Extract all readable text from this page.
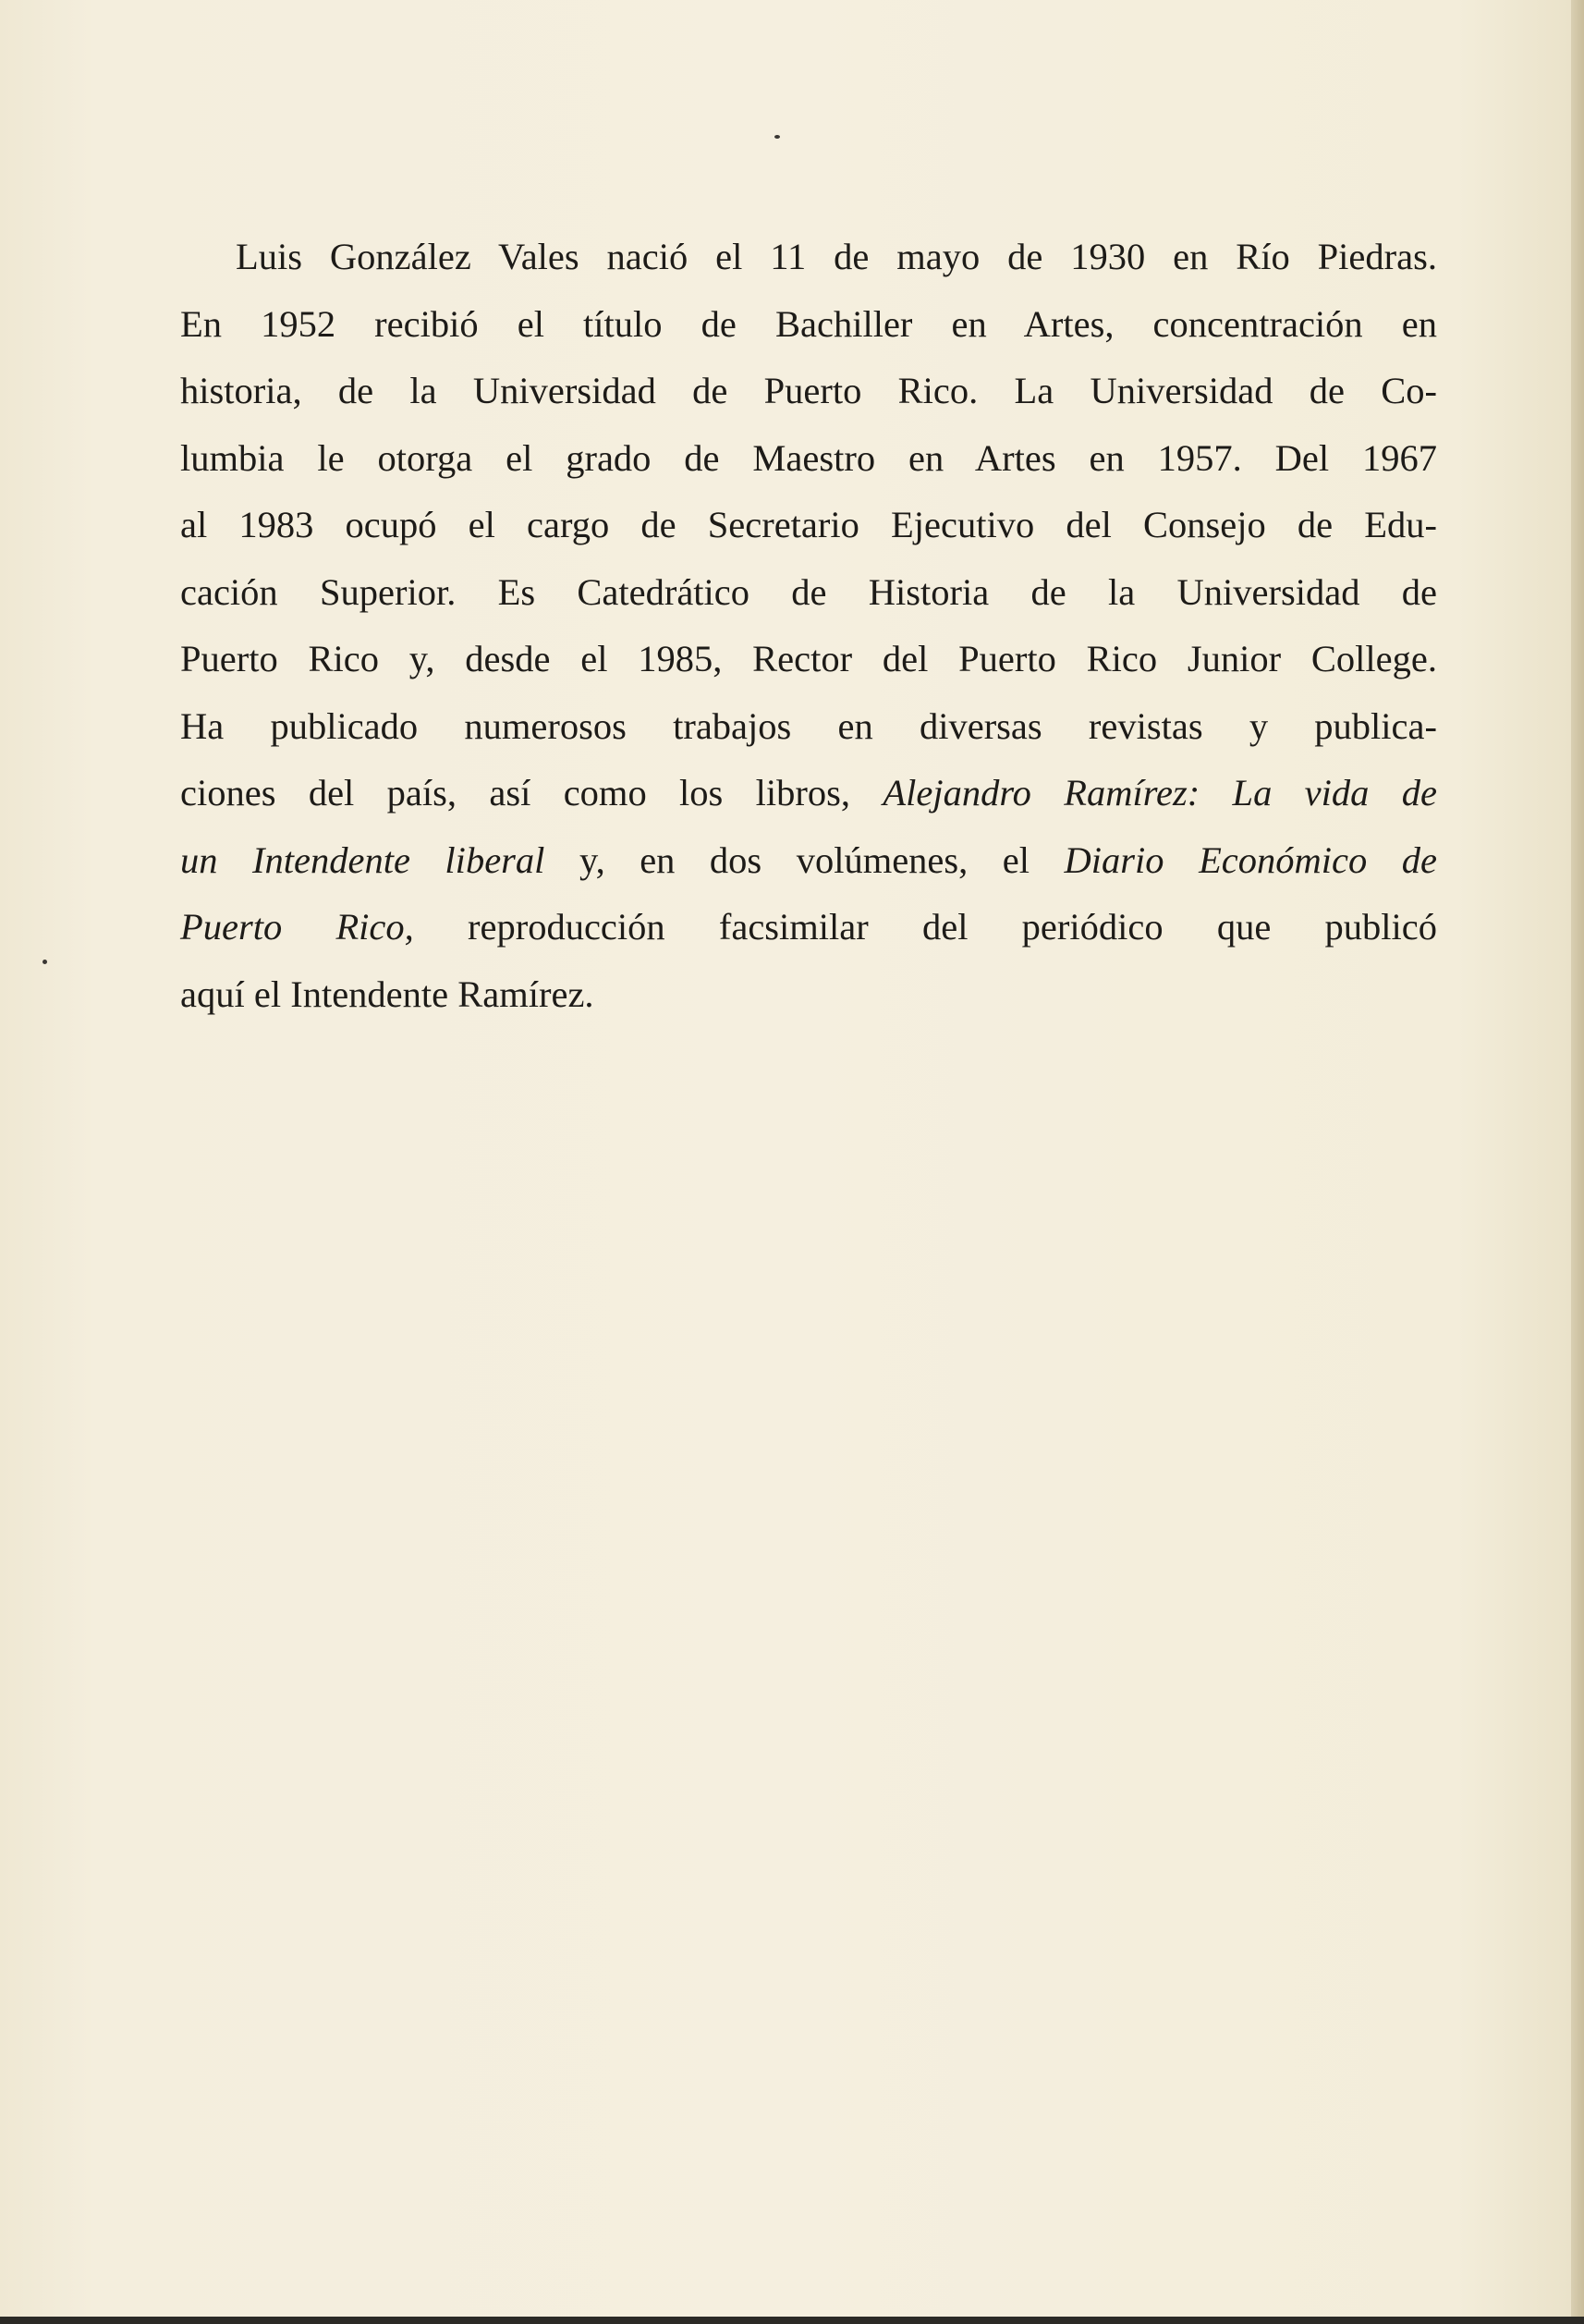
Luis González Vales nació el 11 de mayo de 1930 en Río Piedras.
En 1952 recibió el título de Bachiller en Artes, concentración en
historia, de la Universidad de Puerto Rico. La Universidad de Co-
lumbia le otorga el grado de Maestro en Artes en 1957. Del 1967
al 1983 ocupó el cargo de Secretario Ejecutivo del Consejo de Edu-
cación Superior. Es Catedrático de Historia de la Universidad de
Puerto Rico y, desde el 1985, Rector del Puerto Rico Junior College.
Ha publicado numerosos trabajos en diversas revistas y publica-
ciones del país, así como los libros, Alejandro Ramírez: La vida de
un Intendente liberal y, en dos volúmenes, el Diario Económico de
Puerto Rico, reproducción facsimilar del periódico que publicó
aquí el Intendente Ramírez.
